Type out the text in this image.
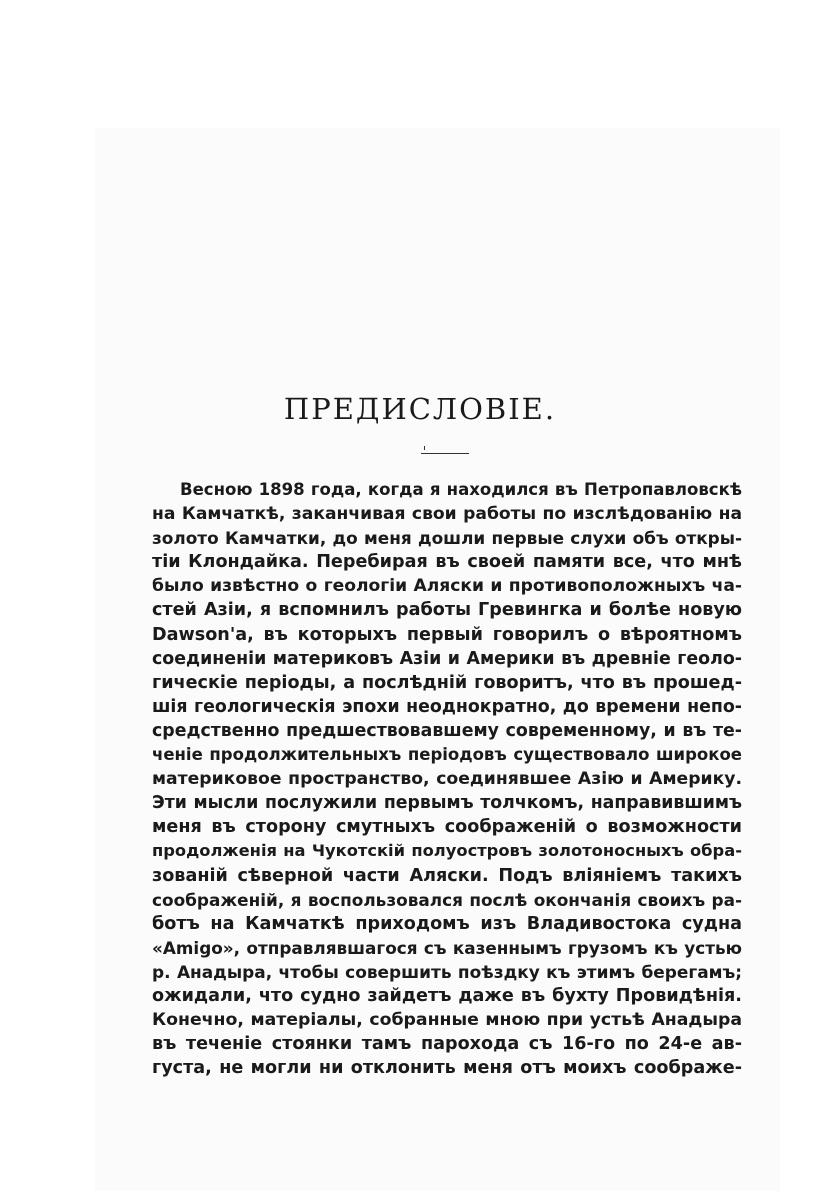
ПРЕДИСЛОВІЕ.
Весною 1898 года, когда я находился въ Петропавловскѣ
на Камчаткѣ, заканчивая свои работы по изслѣдованію на
золото Камчатки, до меня дошли первые слухи объ откры-
тіи Клондайка. Перебирая въ своей памяти все, что мнѣ
было извѣстно о геологіи Аляски и противоположныхъ ча-
стей Азіи, я вспомнилъ работы Гревингка и болѣе новую
Dawson'a, въ которыхъ первый говорилъ о вѣроятномъ
соединеніи материковъ Азіи и Америки въ древніе геоло-
гическіе періоды, а послѣдній говоритъ, что въ прошед-
шія геологическія эпохи неоднократно, до времени непо-
средственно предшествовавшему современному, и въ те-
ченіе продолжительныхъ періодовъ существовало широкое
материковое пространство, соединявшее Азію и Америку.
Эти мысли послужили первымъ толчкомъ, направившимъ
меня въ сторону смутныхъ соображеній о возможности
продолженія на Чукотскій полуостровъ золотоносныхъ обра-
зованій сѣверной части Аляски. Подъ вліяніемъ такихъ
соображеній, я воспользовался послѣ окончанія своихъ ра-
ботъ на Камчаткѣ приходомъ изъ Владивостока судна
«Amigo», отправлявшагося съ казеннымъ грузомъ къ устью
р. Анадыра, чтобы совершить поѣздку къ этимъ берегамъ;
ожидали, что судно зайдетъ даже въ бухту Провидѣнія.
Конечно, матеріалы, собранные мною при устьѣ Анадыра
въ теченіе стоянки тамъ парохода съ 16-го по 24-е ав-
густа, не могли ни отклонить меня отъ моихъ соображе-
